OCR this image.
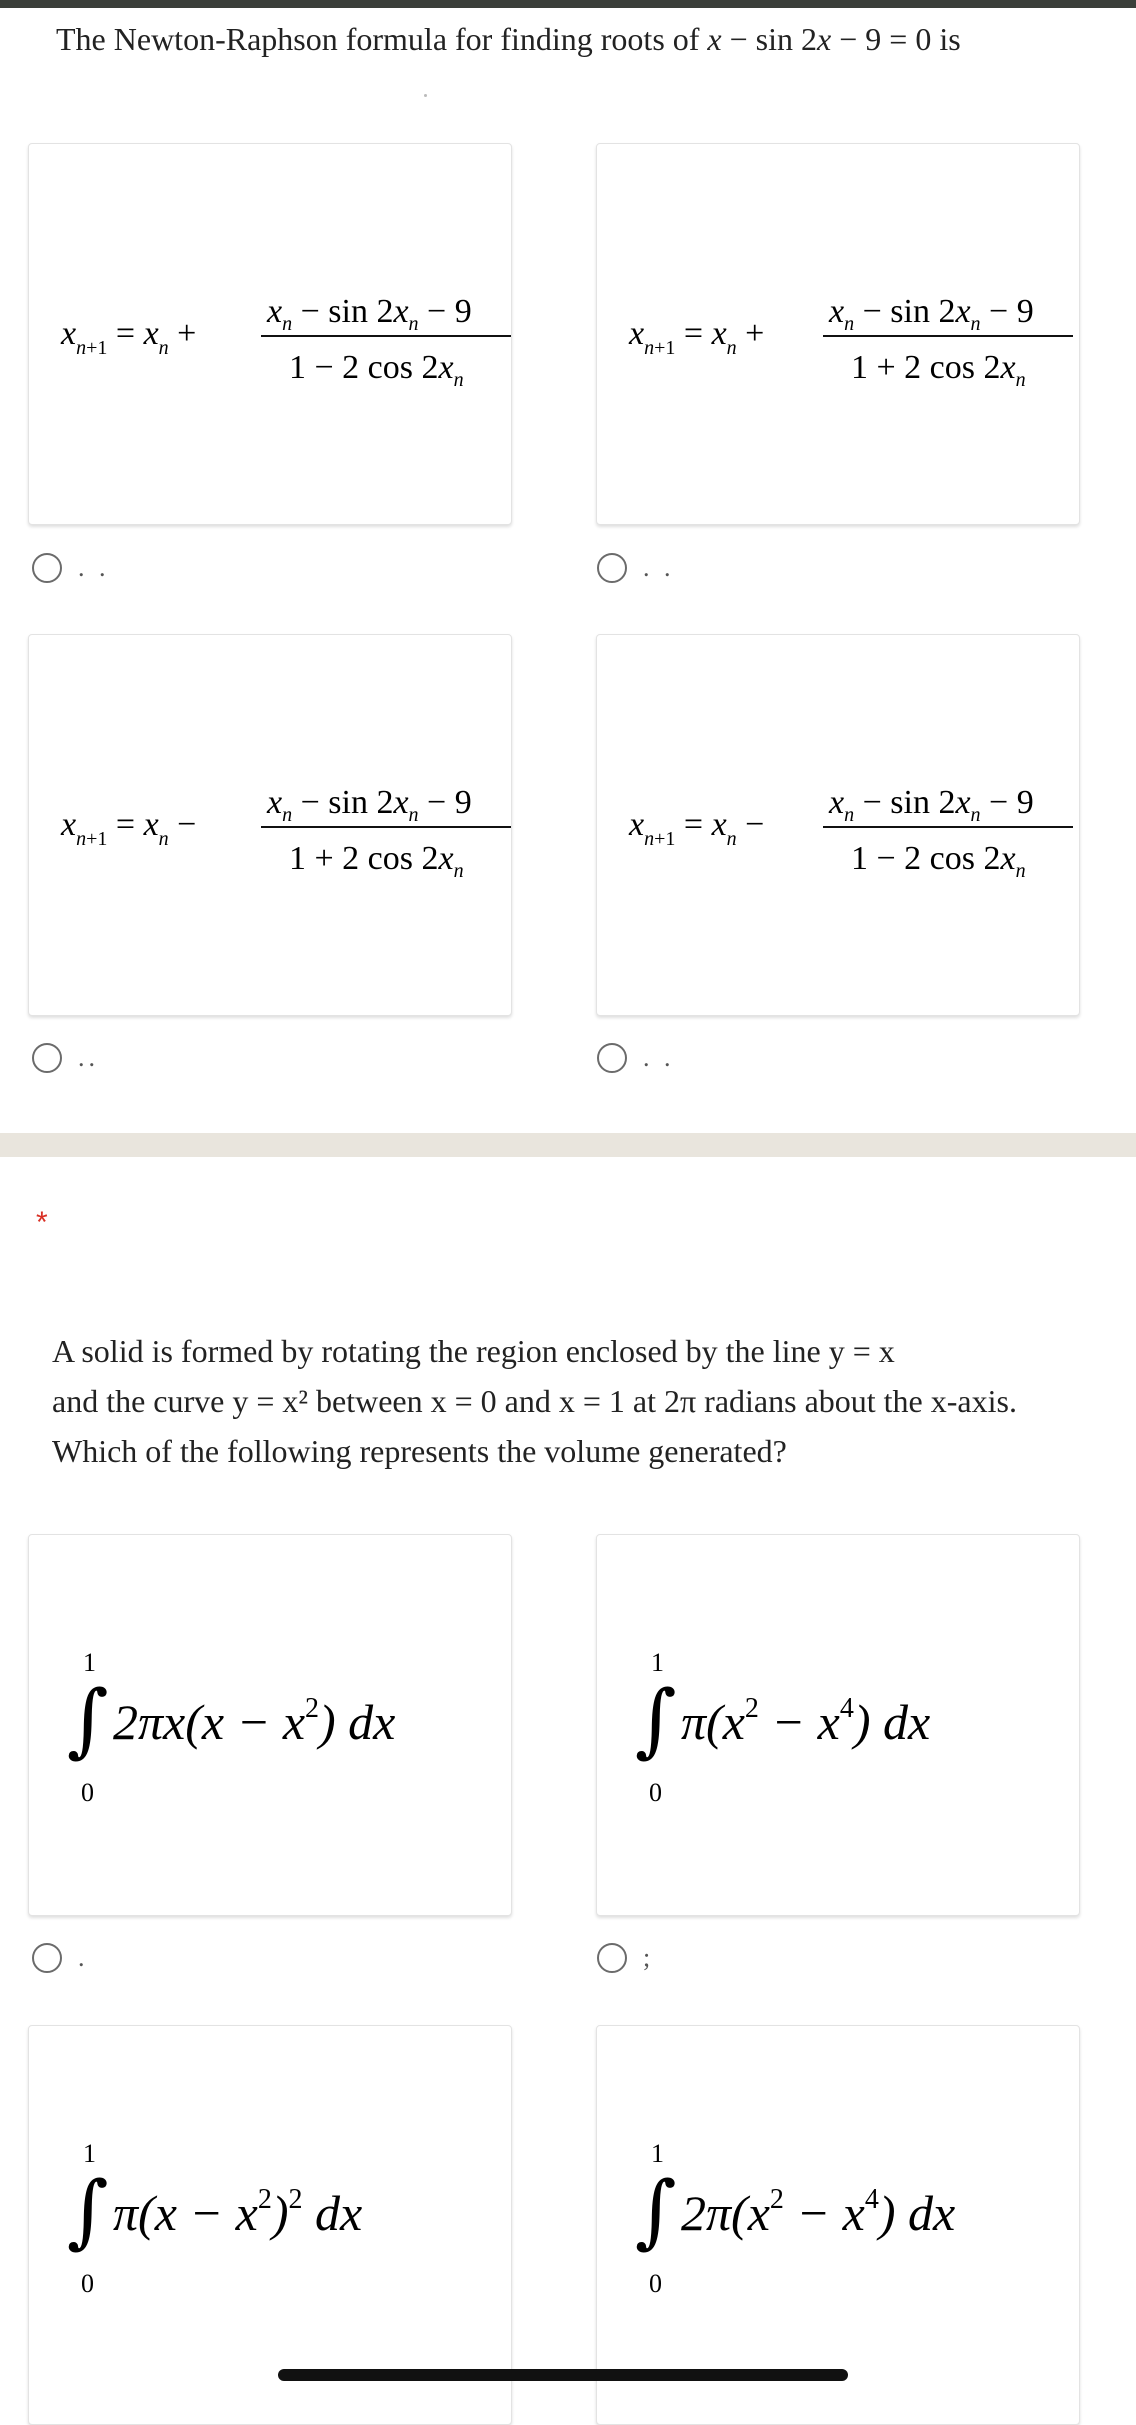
The Newton-Raphson formula for finding roots of x − sin 2x − 9 = 0 is
$x_n+1 = x_n$ +
$x_n - \sin 2x_n - 9$
1 − 2 $\cos 2x_n$
. .
$x_n+1 = x_n$ +
$x_n - \sin 2x_n - 9$
1 + 2 $\cos 2x_n$
. .
$x_n+1 = x_n$ −
$x_n - \sin 2x_n - 9$
1 + 2 $\cos 2x_n$
..
$x_n+1 = x_n$ −
$x_n - \sin 2x_n - 9$
1 − 2 $\cos 2x_n$
. .
*
A solid is formed by rotating the region enclosed by the line y = x
and the curve y = x² between x = 0 and x = 1 at 2π radians about the x-axis.
Which of the following represents the volume generated?
1
∫
0
$2\pi x(x - x^2)$ dx
.
1
∫
0
$\pi(x^2 - x^4)$ dx
;
1
∫
0
$\pi(x - x^2)^2$ dx
1
∫
0
$2\pi(x^2 - x^4)$ dx
